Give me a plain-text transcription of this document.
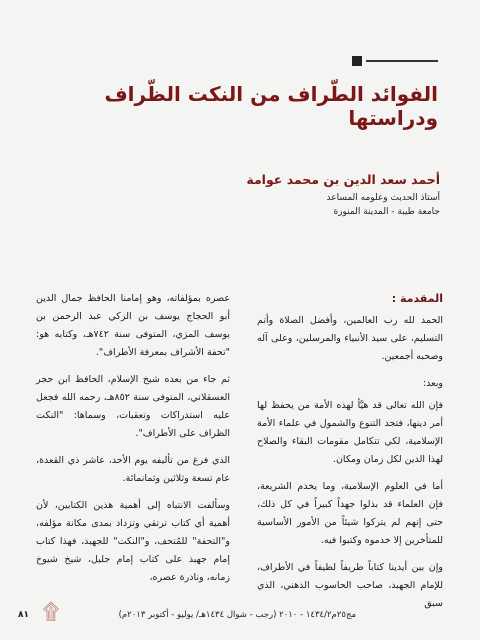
الفوائد الطّراف من النكت الظّراف ودراستها

أحمد سعد الدين بن محمد عوامة

أستاذ الحديث وعلومه المساعد

جامعة طيبة - المدينة المنورة

المقدمة :

الحمد لله رب العالمين، وأفضل الصلاة وأتم التسليم، على سيد الأنبياء والمرسلين، وعلى آله وصحبه أجمعين.

وبعد:

فإن الله تعالى قد هيَّأ لهذه الأمة من يحفظ لها أمر دينها، فتجد التنوع والشمول في علماء الأمة الإسلامية، لكي تتكامل مقومات البقاء والصلاح لهذا الدين لكل زمان ومكان.

أما في العلوم الإسلامية، وما يخدم الشريعة، فإن العلماء قد بذلوا جهداً كبيراً في كل ذلك، حتى إنهم لم يتركوا شيئاً من الأمور الأساسية للمتأخرين إلا خدموه وكتبوا فيه.

وإن بين أيدينا كتاباً طريفاً لطيفاً في الأطراف، للإمام الجهبذ، صاحب الحاسوب الذهني، الذي سبق

عصره بمؤلفاته، وهو إمامنا الحافظ جمال الدين أبو الحجاج يوسف بن الزكي عبد الرحمن بن يوسف المزي، المتوفى سنة ٧٤٢هـ، وكتابه هو: "تحفة الأشراف بمعرفة الأطراف".

ثم جاء من بعده شيخ الإسلام، الحافظ ابن حجر العسقلاني، المتوفى سنة ٨٥٢هـ، رحمه الله فجعل عليه استدراكات وتعقبات، وسماها: "النكت الظراف على الأطراف".

الذي فرغ من تأليفه يوم الأحد، عاشر ذي القعدة، عام تسعة وثلاثين وثمانمائة.

وسألفت الانتباه إلى أهمية هذين الكتابين، لأن أهمية أي كتاب ترتقي وتزداد بمدى مكانة مؤلفه، و"التحفة" للمُتحف، و"النكت" للجهبذ، فهذا كتاب إمام جهبذ على كتاب إمام جليل، شيخ شيوخ زمانه، ونادرة عصره،

٨١ ۩	مج٢٥م١٤٣٤/٢ - ٢٠١٠ (رجب - شوال ١٤٣٤هـ/ يوليو - أكتوبر ٢٠١٣م)
